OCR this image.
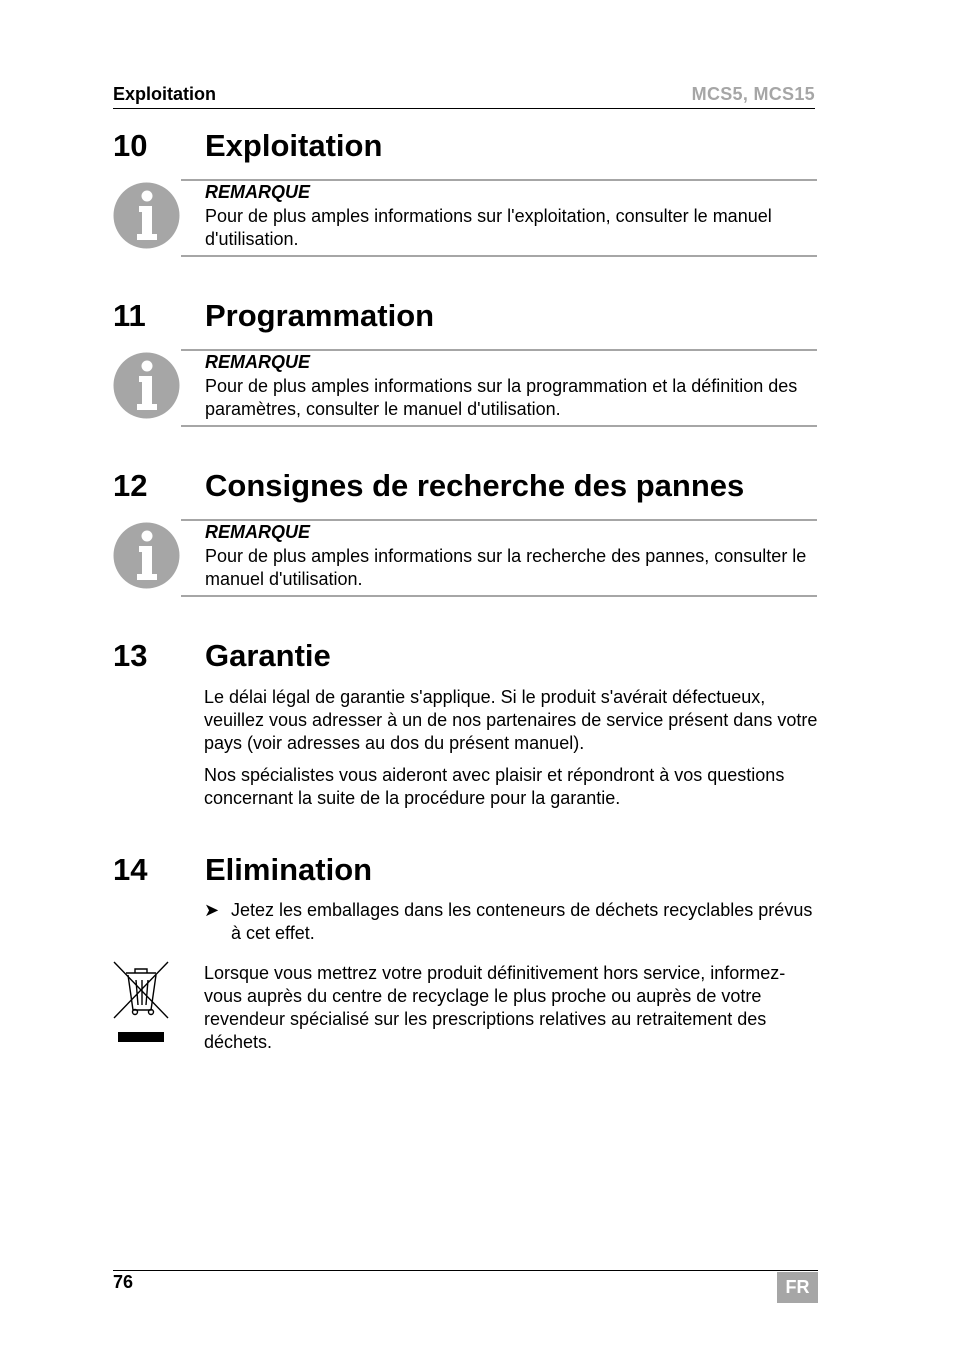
Exploitation	MCS5, MCS15
10 Exploitation
REMARQUE
Pour de plus amples informations sur l'exploitation, consulter le manuel d'utilisation.
11 Programmation
REMARQUE
Pour de plus amples informations sur la programmation et la définition des paramètres, consulter le manuel d'utilisation.
12 Consignes de recherche des pannes
REMARQUE
Pour de plus amples informations sur la recherche des pannes, consulter le manuel d'utilisation.
13 Garantie
Le délai légal de garantie s'applique. Si le produit s'avérait défectueux, veuillez vous adresser à un de nos partenaires de service présent dans votre pays (voir adresses au dos du présent manuel).
Nos spécialistes vous aideront avec plaisir et répondront à vos questions concernant la suite de la procédure pour la garantie.
14 Elimination
➤ Jetez les emballages dans les conteneurs de déchets recyclables prévus à cet effet.
Lorsque vous mettrez votre produit définitivement hors service, informez-vous auprès du centre de recyclage le plus proche ou auprès de votre revendeur spécialisé sur les prescriptions relatives au retraitement des déchets.
76	FR
